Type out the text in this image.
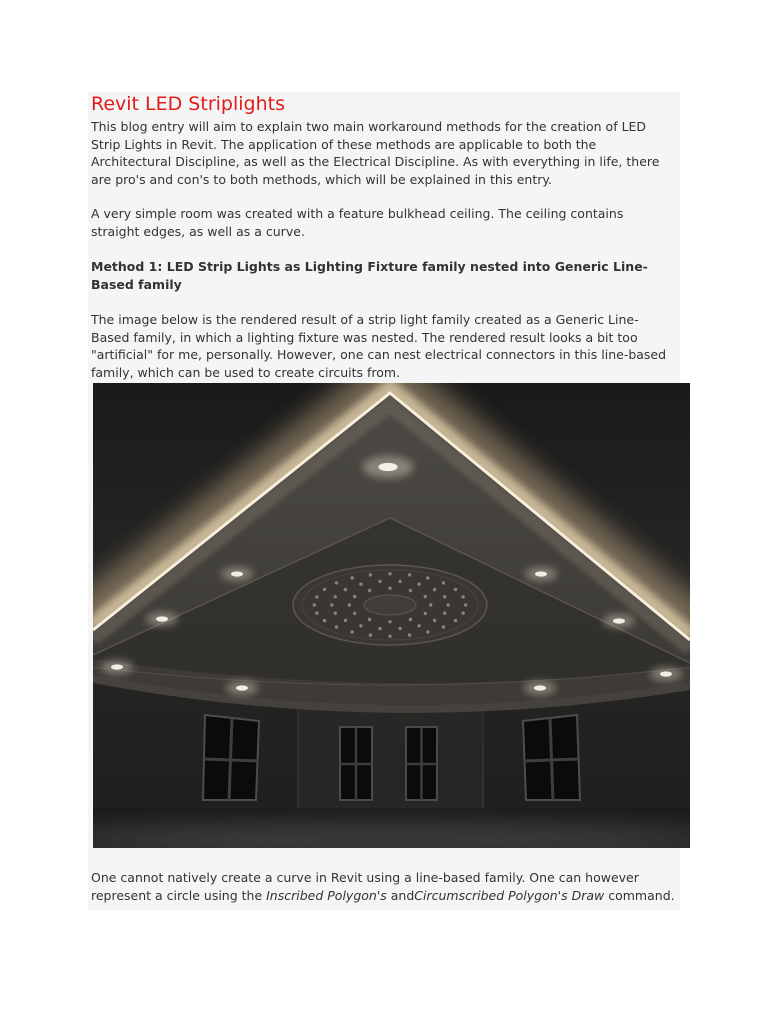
Revit LED Striplights
This blog entry will aim to explain two main workaround methods for the creation of LED
Strip Lights in Revit. The application of these methods are applicable to both the
Architectural Discipline, as well as the Electrical Discipline. As with everything in life, there
are pro's and con's to both methods, which will be explained in this entry.
A very simple room was created with a feature bulkhead ceiling. The ceiling contains
straight edges, as well as a curve.
Method 1: LED Strip Lights as Lighting Fixture family nested into Generic Line-
Based family
The image below is the rendered result of a strip light family created as a Generic Line-
Based family, in which a lighting fixture was nested. The rendered result looks a bit too
"artificial" for me, personally. However, one can nest electrical connectors in this line-based
family, which can be used to create circuits from.
One cannot natively create a curve in Revit using a line-based family. One can however
represent a circle using the Inscribed Polygon's andCircumscribed Polygon's Draw command.
